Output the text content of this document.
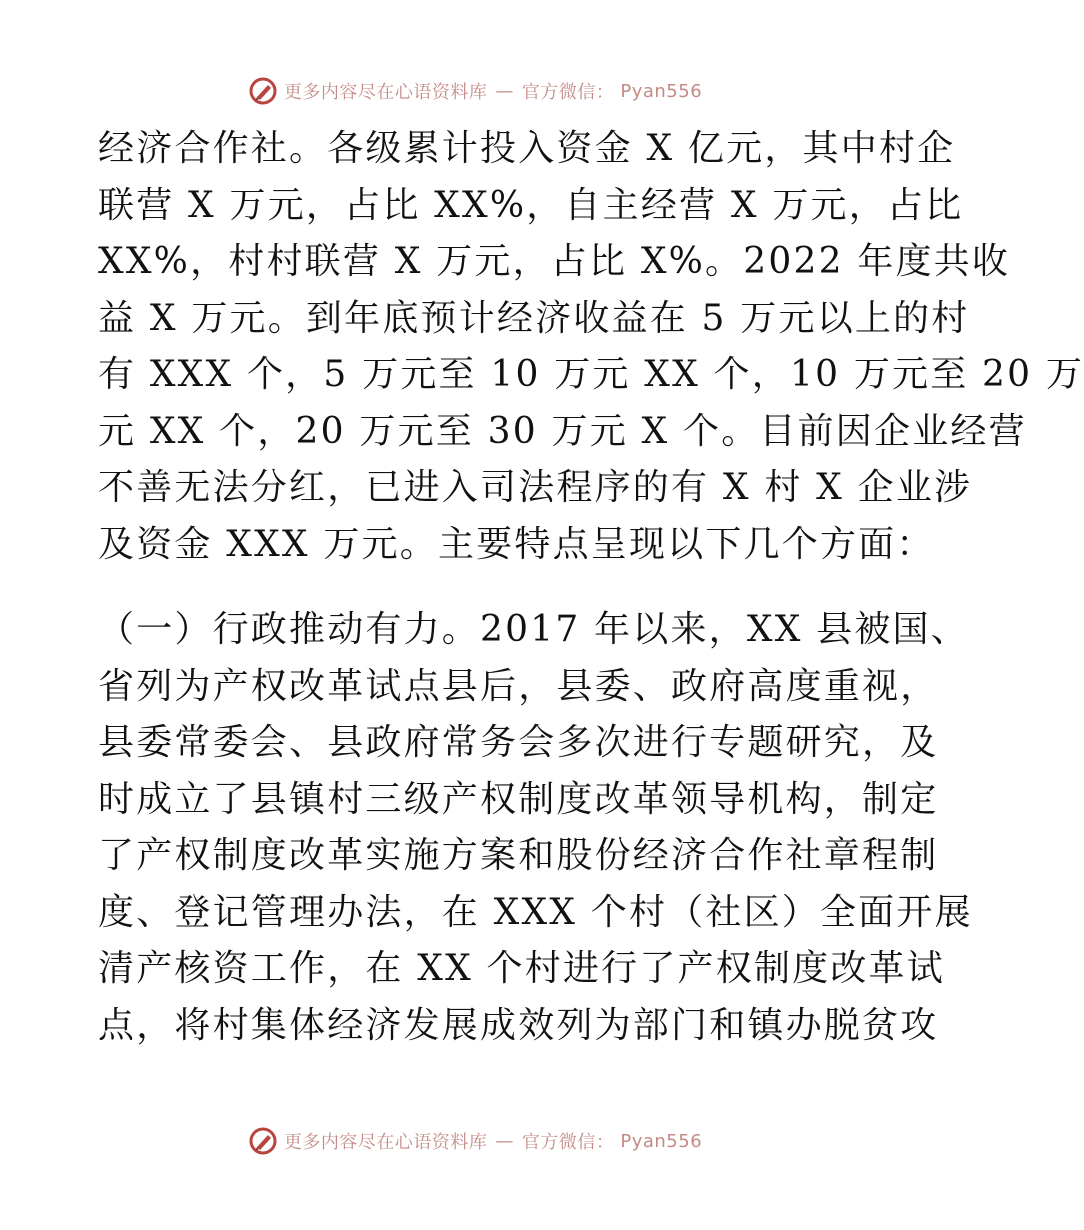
更多内容尽在心语资料库 — 官方微信： Pyan556
经济合作社。各级累计投入资金 X 亿元，其中村企
联营 X 万元，占比 XX%，自主经营 X 万元，占比
XX%，村村联营 X 万元，占比 X%。2022 年度共收
益 X 万元。到年底预计经济收益在 5 万元以上的村
有 XXX 个，5 万元至 10 万元 XX 个，10 万元至 20 万
元 XX 个，20 万元至 30 万元 X 个。目前因企业经营
不善无法分红，已进入司法程序的有 X 村 X 企业涉
及资金 XXX 万元。主要特点呈现以下几个方面：
（一）行政推动有力。2017 年以来，XX 县被国、
省列为产权改革试点县后，县委、政府高度重视，
县委常委会、县政府常务会多次进行专题研究，及
时成立了县镇村三级产权制度改革领导机构，制定
了产权制度改革实施方案和股份经济合作社章程制
度、登记管理办法，在 XXX 个村（社区）全面开展
清产核资工作，在 XX 个村进行了产权制度改革试
点，将村集体经济发展成效列为部门和镇办脱贫攻
更多内容尽在心语资料库 — 官方微信： Pyan556
